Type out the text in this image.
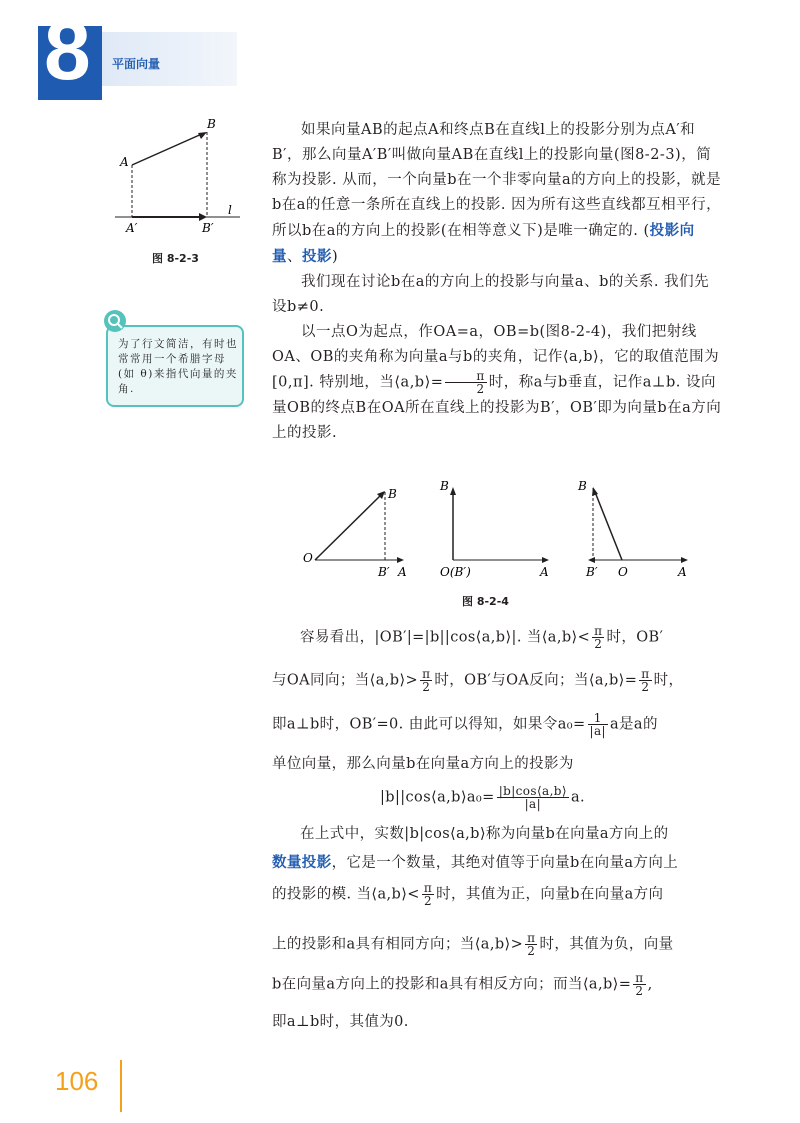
8 平面向量
A
B
A′	B′
l
图 8-2-3
为了行文简洁，有时也常常用一个希腊字母(如 θ)来指代向量的夹角.

如果向量AB的起点A和终点B在直线l上的投影分别为点A′和B′，那么向量A′B′叫做向量AB在直线l上的投影向量(图8-2-3)，简称为投影. 从而，一个向量b在一个非零向量a的方向上的投影，就是b在a的任意一条所在直线上的投影. 因为所有这些直线都互相平行，所以b在a的方向上的投影(在相等意义下)是唯一确定的. (投影向量、投影)

我们现在讨论b在a的方向上的投影与向量a、b的关系. 我们先设b≠0.

以一点O为起点，作OA=a，OB=b(图8-2-4)，我们把射线OA、OB的夹角称为向量a与b的夹角，记作⟨a,b⟩，它的取值范围为[0,π]. 特别地，当⟨a,b⟩= $\frac{\pi}{2}$ 时，称a与b垂直，记作a⊥b. 设向量OB的终点B在OA所在直线上的投影为B′，OB′即为向量b在a方向上的投影.

O
B
B′ A
B
O(B′)	A
B
B′ O	A
图 8-2-4
容易看出，|OB′|=|b||cos⟨a,b⟩|. 当⟨a,b⟩< $\frac{\pi}{2}$ 时，OB′
与OA同向；当⟨a,b⟩> $\frac{\pi}{2}$ 时，OB′与OA反向；当⟨a,b⟩= $\frac{\pi}{2}$ 时，
即a⊥b时，OB′=0. 由此可以得知，如果令$a_0= \frac{1}{|a|}$ a是a的
单位向量，那么向量b在向量a方向上的投影为
|b||cos⟨a,b⟩a₀= $\frac{|b|\cos⟨a,b⟩}{|a|} a$.
在上式中，实数|b|cos⟨a,b⟩称为向量b在向量a方向上的
数量投影，它是一个数量，其绝对值等于向量b在向量a方向上
的投影的模. 当⟨a,b⟩< $\frac{\pi}{2}$ 时，其值为正，向量b在向量a方向
上的投影和a具有相同方向；当⟨a,b⟩> $\frac{\pi}{2}$ 时，其值为负，向量
b在向量a方向上的投影和a具有相反方向；而当⟨a,b⟩= $\frac{\pi}{2}$ ,
即a⊥b时，其值为0.
106
